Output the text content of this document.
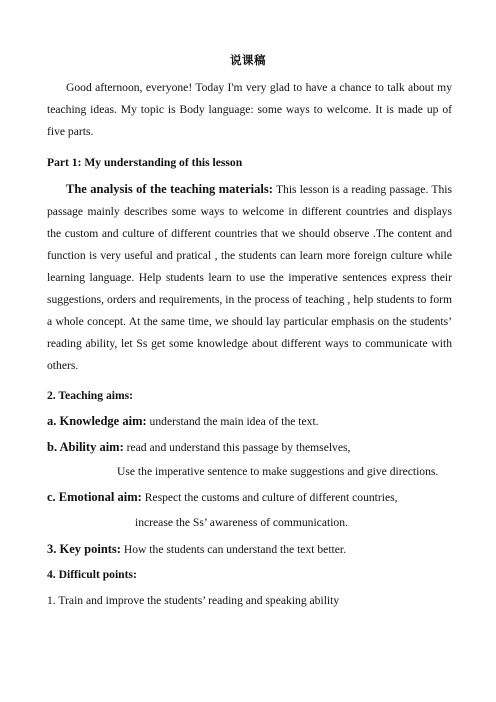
说课稿

Good afternoon, everyone! Today I'm very glad to have a chance to talk about my teaching ideas. My topic is Body language: some ways to welcome. It is made up of five parts.

Part 1: My understanding of this lesson

The analysis of the teaching materials: This lesson is a reading passage. This passage mainly describes some ways to welcome in different countries and displays the custom and culture of different countries that we should observe .The content and function is very useful and pratical , the students can learn more foreign culture while learning language. Help students learn to use the imperative sentences express their suggestions, orders and requirements, in the process of teaching , help students to form a whole concept. At the same time, we should lay particular emphasis on the students’ reading ability, let Ss get some knowledge about different ways to communicate with others.

2. Teaching aims:
a. Knowledge aim: understand the main idea of the text.
b. Ability aim: read and understand this passage by themselves,
Use the imperative sentence to make suggestions and give directions.
c. Emotional aim: Respect the customs and culture of different countries,
increase the Ss’ awareness of communication.
3. Key points: How the students can understand the text better.
4. Difficult points:
1. Train and improve the students’ reading and speaking ability
